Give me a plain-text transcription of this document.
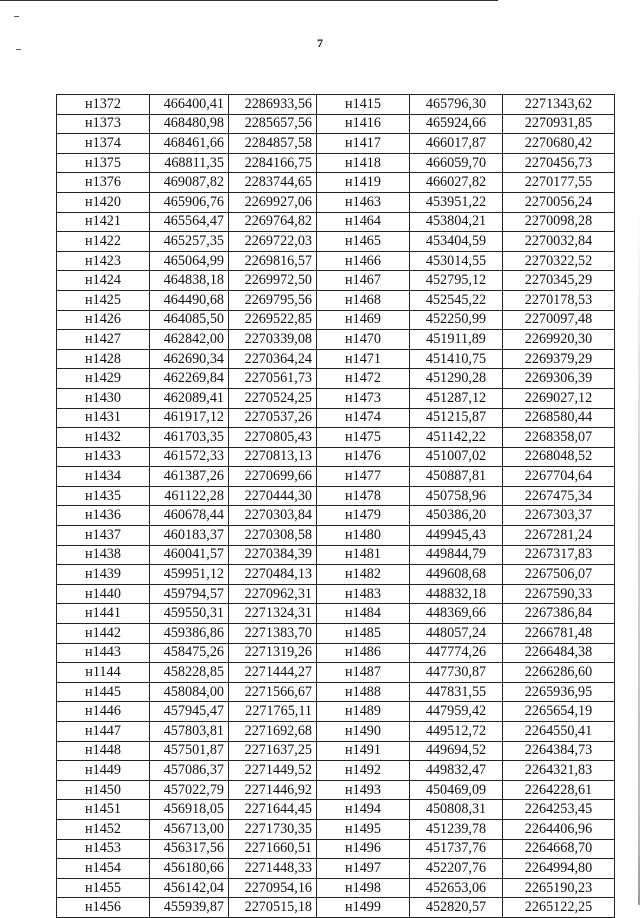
7
н1372	466400,41	2286933,56	н1415	465796,30	2271343,62
н1373	468480,98	2285657,56	н1416	465924,66	2270931,85
н1374	468461,66	2284857,58	н1417	466017,87	2270680,42
н1375	468811,35	2284166,75	н1418	466059,70	2270456,73
н1376	469087,82	2283744,65	н1419	466027,82	2270177,55
н1420	465906,76	2269927,06	н1463	453951,22	2270056,24
н1421	465564,47	2269764,82	н1464	453804,21	2270098,28
н1422	465257,35	2269722,03	н1465	453404,59	2270032,84
н1423	465064,99	2269816,57	н1466	453014,55	2270322,52
н1424	464838,18	2269972,50	н1467	452795,12	2270345,29
н1425	464490,68	2269795,56	н1468	452545,22	2270178,53
н1426	464085,50	2269522,85	н1469	452250,99	2270097,48
н1427	462842,00	2270339,08	н1470	451911,89	2269920,30
н1428	462690,34	2270364,24	н1471	451410,75	2269379,29
н1429	462269,84	2270561,73	н1472	451290,28	2269306,39
н1430	462089,41	2270524,25	н1473	451287,12	2269027,12
н1431	461917,12	2270537,26	н1474	451215,87	2268580,44
н1432	461703,35	2270805,43	н1475	451142,22	2268358,07
н1433	461572,33	2270813,13	н1476	451007,02	2268048,52
н1434	461387,26	2270699,66	н1477	450887,81	2267704,64
н1435	461122,28	2270444,30	н1478	450758,96	2267475,34
н1436	460678,44	2270303,84	н1479	450386,20	2267303,37
н1437	460183,37	2270308,58	н1480	449945,43	2267281,24
н1438	460041,57	2270384,39	н1481	449844,79	2267317,83
н1439	459951,12	2270484,13	н1482	449608,68	2267506,07
н1440	459794,57	2270962,31	н1483	448832,18	2267590,33
н1441	459550,31	2271324,31	н1484	448369,66	2267386,84
н1442	459386,86	2271383,70	н1485	448057,24	2266781,48
н1443	458475,26	2271319,26	н1486	447774,26	2266484,38
н1144	458228,85	2271444,27	н1487	447730,87	2266286,60
н1445	458084,00	2271566,67	н1488	447831,55	2265936,95
н1446	457945,47	2271765,11	н1489	447959,42	2265654,19
н1447	457803,81	2271692,68	н1490	449512,72	2264550,41
н1448	457501,87	2271637,25	н1491	449694,52	2264384,73
н1449	457086,37	2271449,52	н1492	449832,47	2264321,83
н1450	457022,79	2271446,92	н1493	450469,09	2264228,61
н1451	456918,05	2271644,45	н1494	450808,31	2264253,45
н1452	456713,00	2271730,35	н1495	451239,78	2264406,96
н1453	456317,56	2271660,51	н1496	451737,76	2264668,70
н1454	456180,66	2271448,33	н1497	452207,76	2264994,80
н1455	456142,04	2270954,16	н1498	452653,06	2265190,23
н1456	455939,87	2270515,18	н1499	452820,57	2265122,25
